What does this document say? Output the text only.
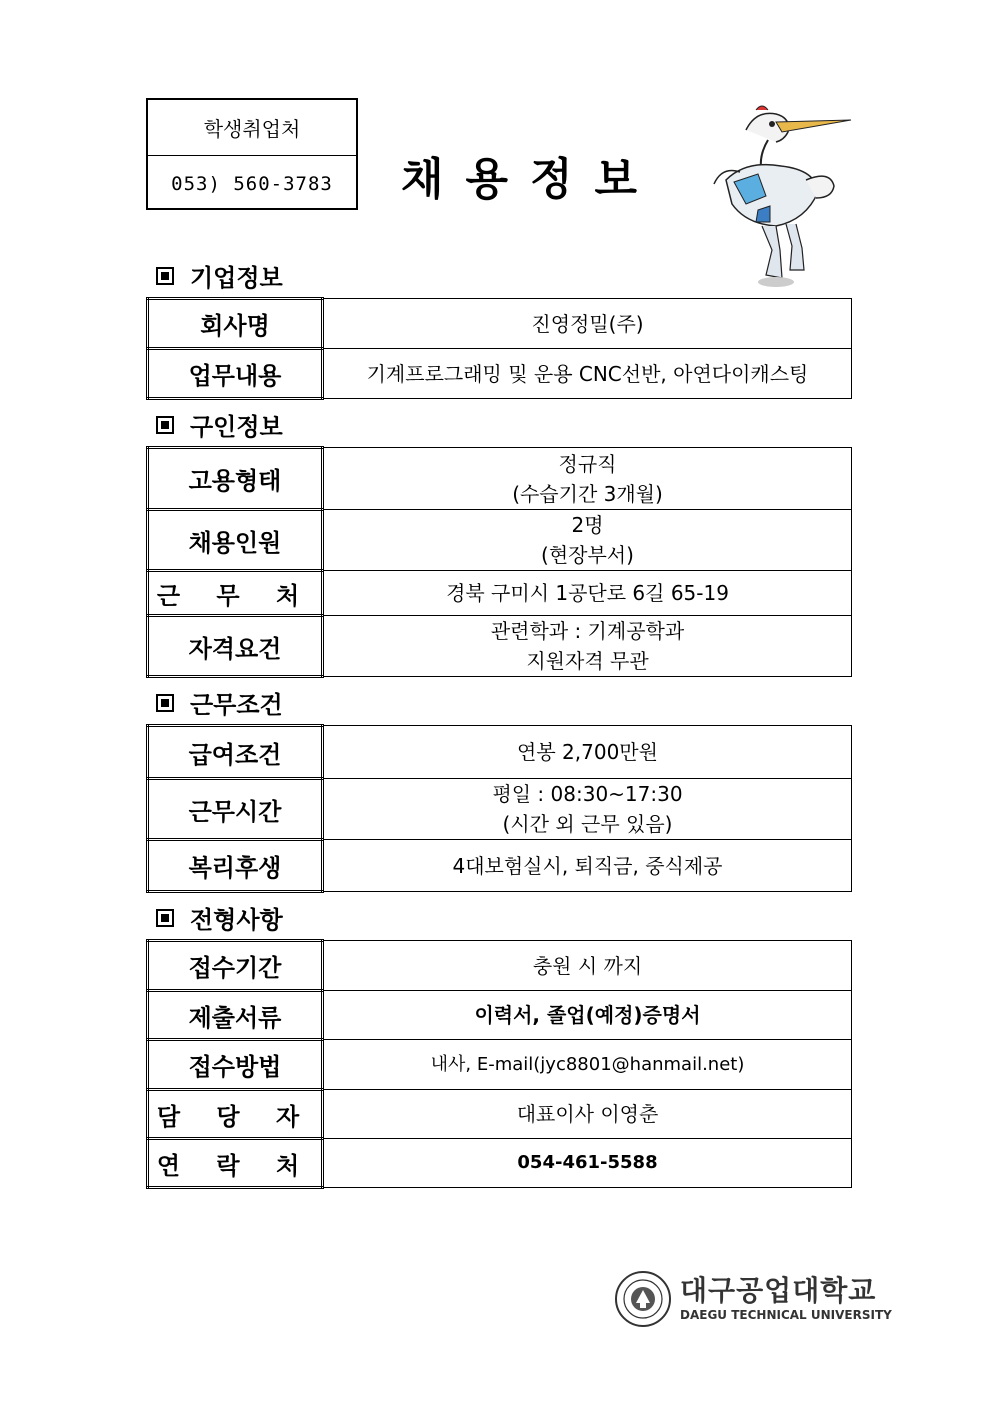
학생취업처
053) 560-3783	채용정보
기업정보
회사명	진영정밀(주)
업무내용	기계프로그래밍 및 운용 CNC선반, 아연다이캐스팅
구인정보
고용형태	정규직
(수습기간 3개월)

채용인원	2명
(현장부서)

근 무 처	경북 구미시 1공단로 6길 65-19
자격요건	관련학과 : 기계공학과
지원자격 무관
근무조건
급여조건	연봉 2,700만원
근무시간	평일 : 08:30~17:30
(시간 외 근무 있음)

복리후생	4대보험실시, 퇴직금, 중식제공
전형사항
접수기간	충원 시 까지
제출서류	이력서, 졸업(예정)증명서
접수방법	내사, E-mail(jyc8801@hanmail.net)
담 당 자	대표이사 이영춘
연 락 처	054-461-5588
대구공업대학교
DAEGU TECHNICAL UNIVERSITY
